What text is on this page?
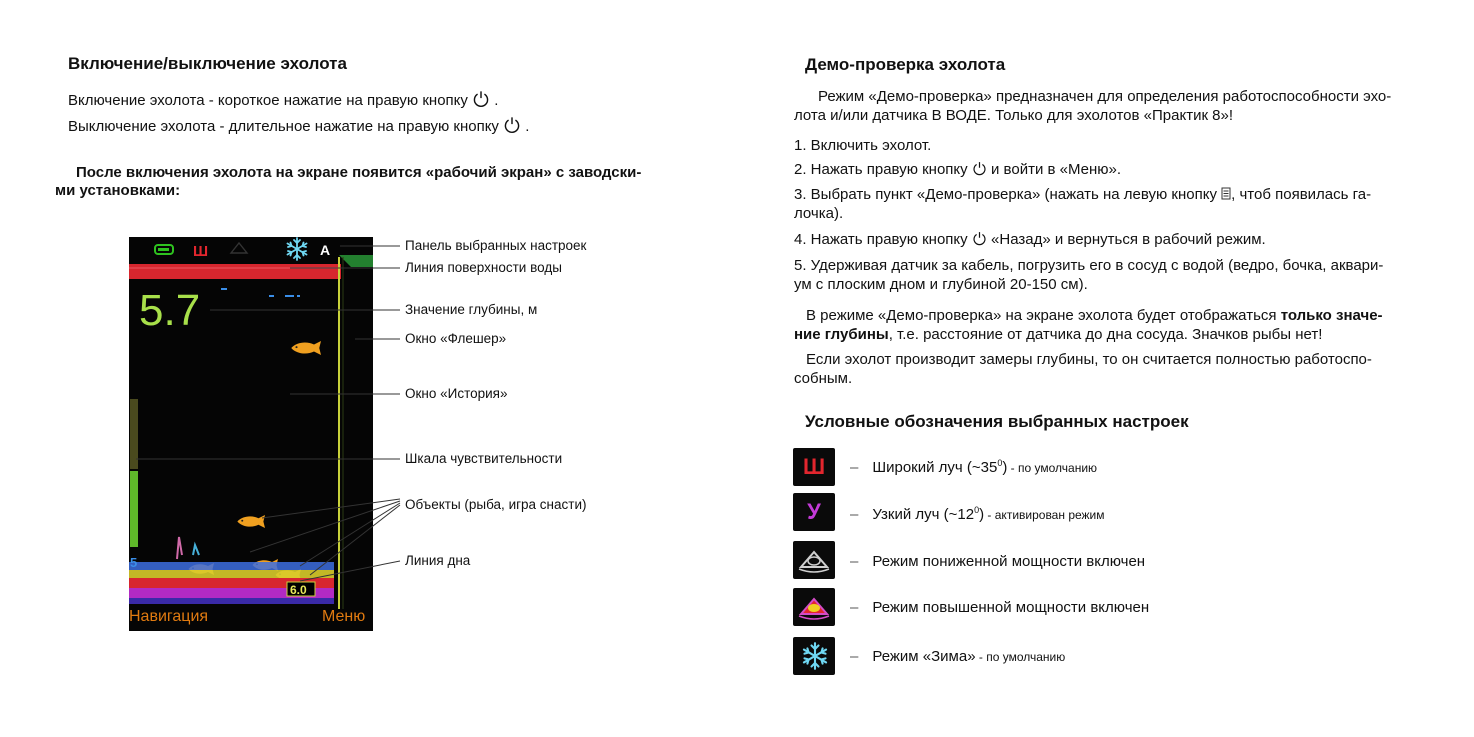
Включение/выключение эхолота
Включение эхолота - короткое нажатие на правую кнопку .
Выключение эхолота - длительное нажатие на правую кнопку .
После включения эхолота на экране появится «рабочий экран» с заводски-
ми установками:
Ш	A
5.7
5
6.0
Навигация	Меню
Панель выбранных настроек
Линия поверхности воды
Значение глубины, м
Окно «Флешер»
Окно «История»
Шкала чувствительности
Объекты (рыба, игра снасти)
Линия дна
Демо-проверка эхолота
Режим «Демо-проверка» предназначен для определения работоспособности эхо-
лота и/или датчика В ВОДЕ. Только для эхолотов «Практик 8»!
1. Включить эхолот.
2. Нажать правую кнопку и войти в «Меню».
3. Выбрать пункт «Демо-проверка» (нажать на левую кнопку , чтоб появилась га-
лочка).
4. Нажать правую кнопку «Назад» и вернуться в рабочий режим.
5. Удерживая датчик за кабель, погрузить его в сосуд с водой (ведро, бочка, аквари-
ум с плоским дном и глубиной 20-150 см).
В режиме «Демо-проверка» на экране эхолота будет отображаться только значе-
ние глубины, т.е. расстояние от датчика до дна сосуда. Значков рыбы нет!
Если эхолот производит замеры глубины, то он считается полностью работоспо-
собным.
Условные обозначения выбранных настроек
Ш	– Широкий луч $(\sim 35^0)$ - по умолчанию
У	– Узкий луч $(\sim 12^0)$ - активирован режим
– Режим пониженной мощности включен
– Режим повышенной мощности включен
– Режим «Зима» - по умолчанию
